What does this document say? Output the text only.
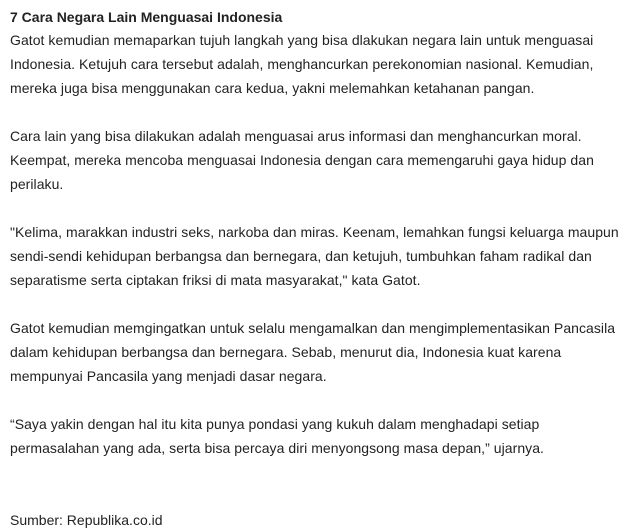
7 Cara Negara Lain Menguasai Indonesia

Gatot kemudian memaparkan tujuh langkah yang bisa dlakukan negara lain untuk menguasai
Indonesia. Ketujuh cara tersebut adalah, menghancurkan perekonomian nasional. Kemudian,
mereka juga bisa menggunakan cara kedua, yakni melemahkan ketahanan pangan.

Cara lain yang bisa dilakukan adalah menguasai arus informasi dan menghancurkan moral.
Keempat, mereka mencoba menguasai Indonesia dengan cara memengaruhi gaya hidup dan
perilaku.

"Kelima, marakkan industri seks, narkoba dan miras. Keenam, lemahkan fungsi keluarga maupun
sendi-sendi kehidupan berbangsa dan bernegara, dan ketujuh, tumbuhkan faham radikal dan
separatisme serta ciptakan friksi di mata masyarakat," kata Gatot.

Gatot kemudian memgingatkan untuk selalu mengamalkan dan mengimplementasikan Pancasila
dalam kehidupan berbangsa dan bernegara. Sebab, menurut dia, Indonesia kuat karena
mempunyai Pancasila yang menjadi dasar negara.

“Saya yakin dengan hal itu kita punya pondasi yang kukuh dalam menghadapi setiap
permasalahan yang ada, serta bisa percaya diri menyongsong masa depan,” ujarnya.

Sumber: Republika.co.id
